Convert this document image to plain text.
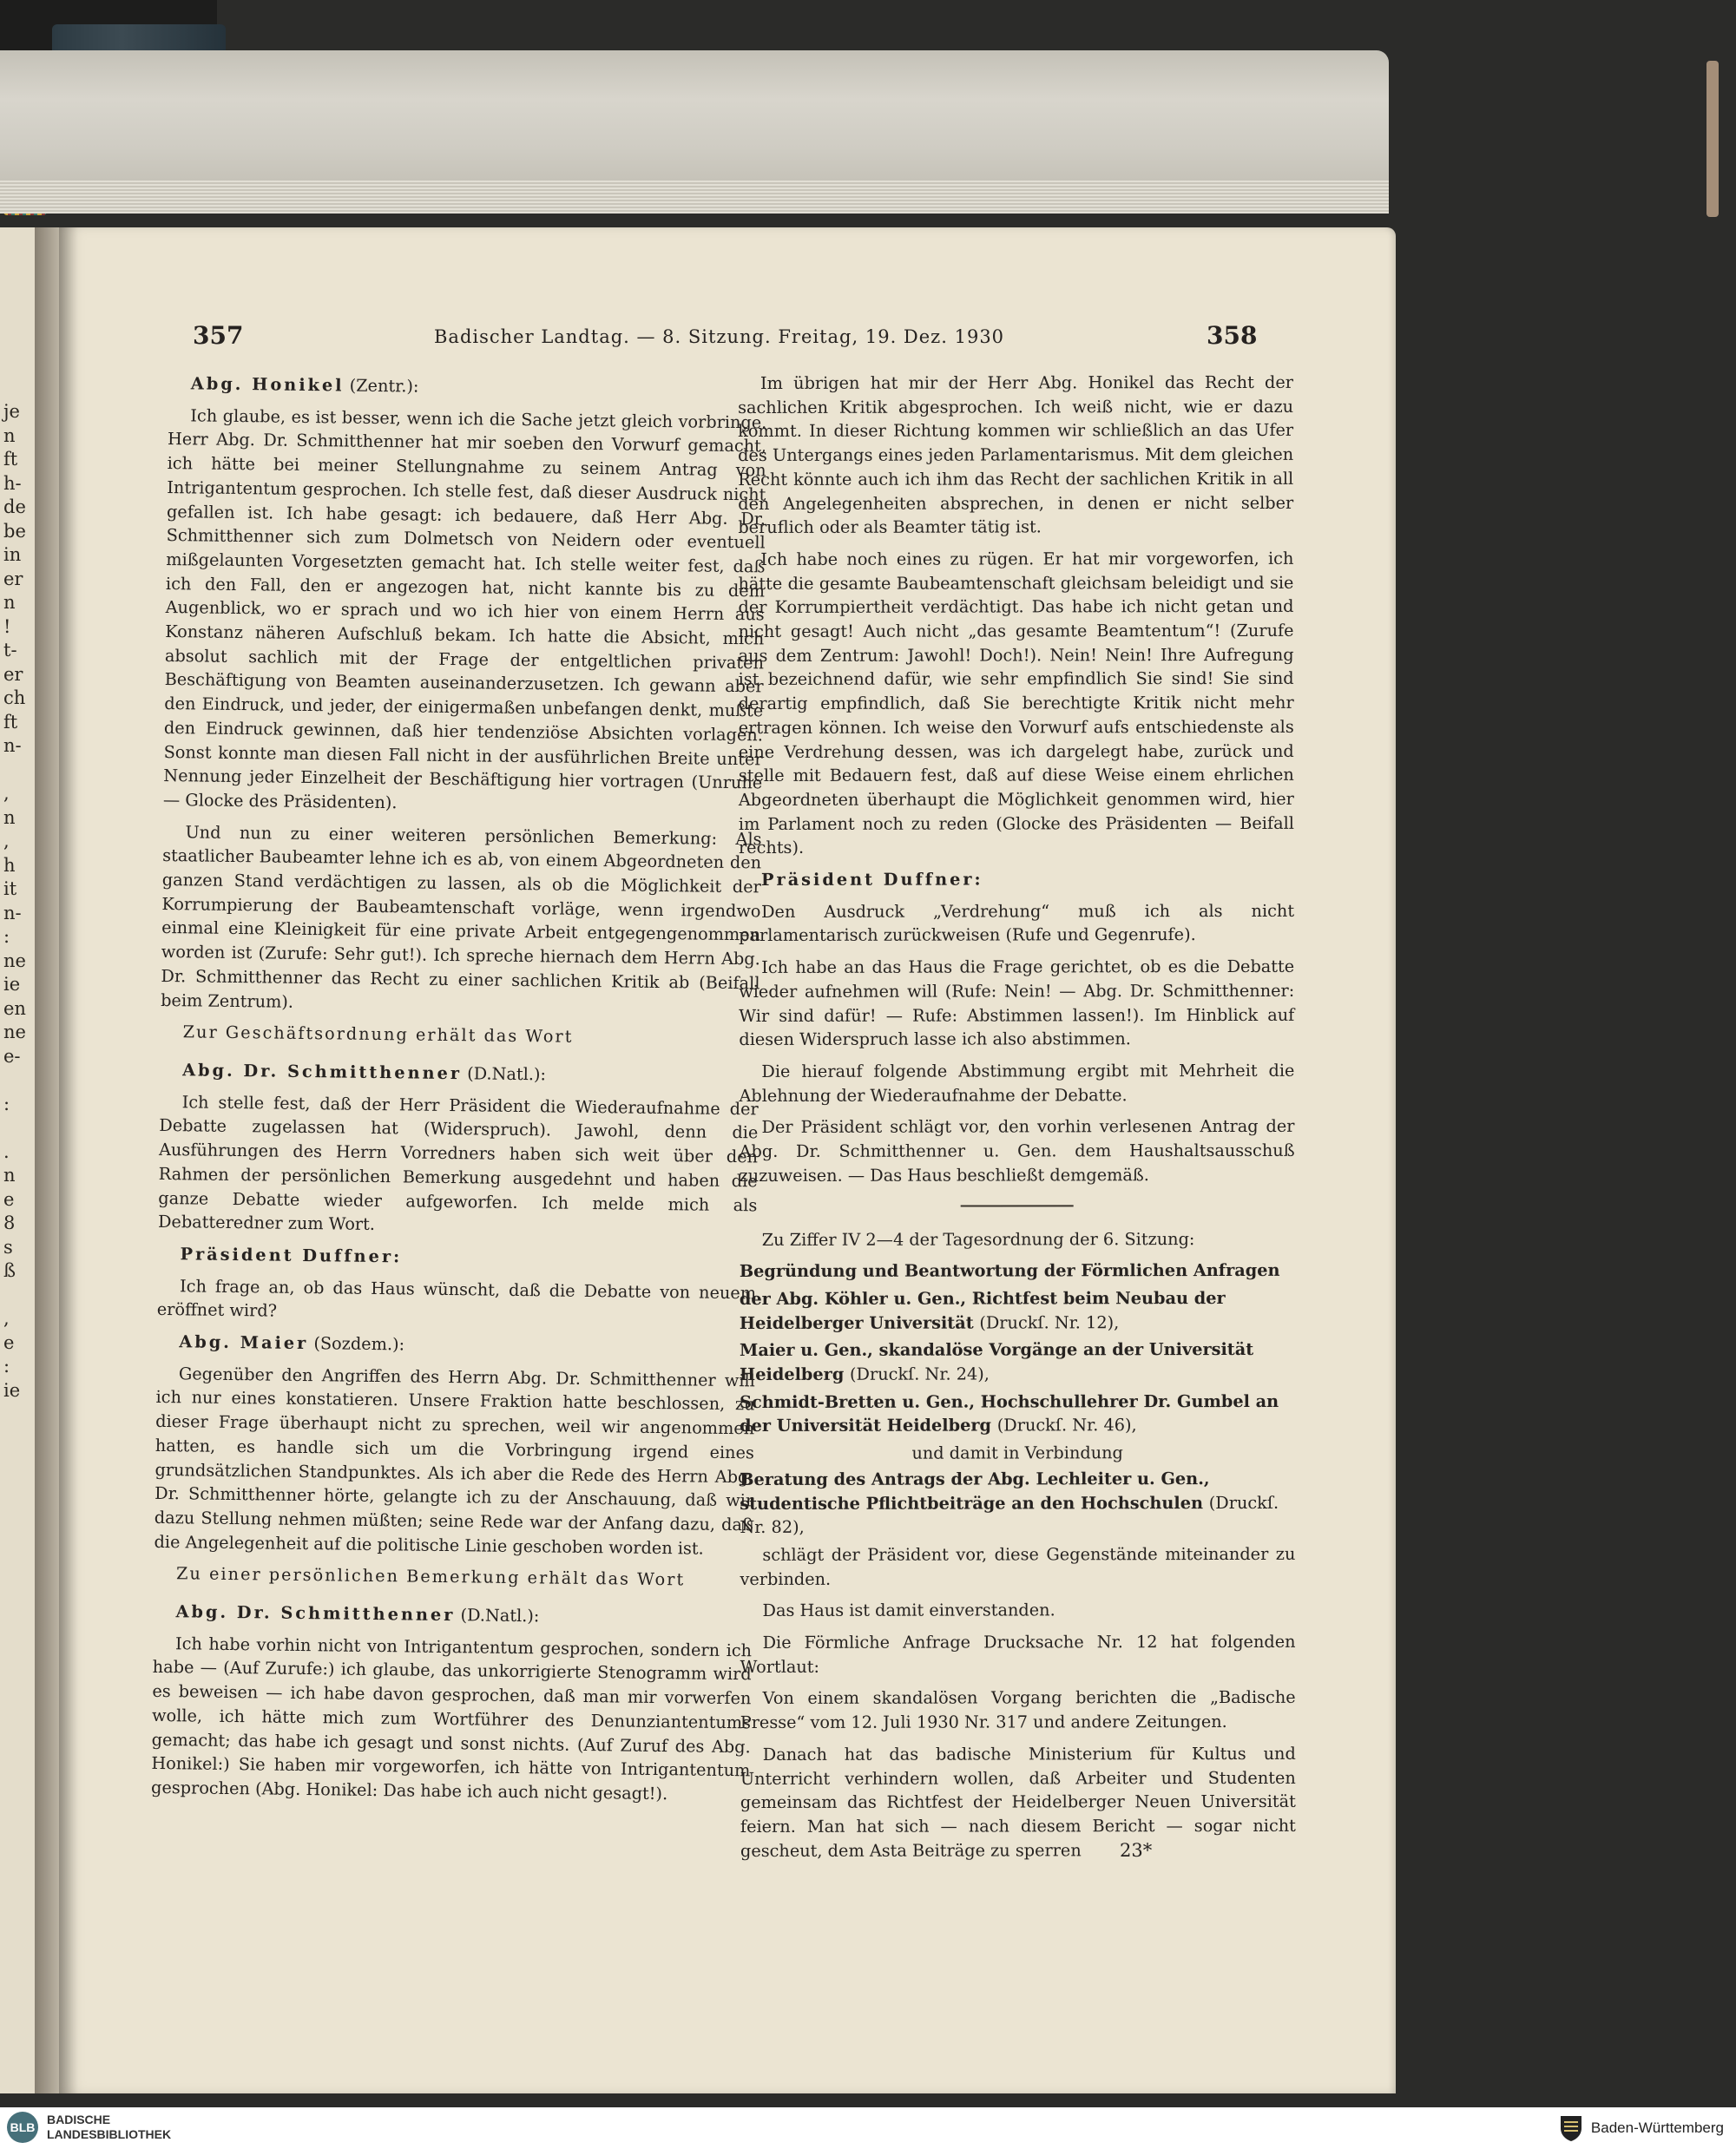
je
n
ft
h-
de
be
in
er
n
!
t-
er
ch
ft
n-
,
n
,
h
it
n-
:
ne
ie
en
ne
e-
:
.
n
e
8
s
ß
,
e
:
ie
357	Badischer Landtag. — 8. Sitzung. Freitag, 19. Dez. 1930	358
Abg. Honikel (Zentr.):

Ich glaube, es ist besser, wenn ich die Sache jetzt gleich vorbringe. Herr Abg. Dr. Schmitthenner hat mir soeben den Vorwurf gemacht, ich hätte bei meiner Stellungnahme zu seinem Antrag von Intrigantentum gesprochen. Ich stelle fest, daß dieser Ausdruck nicht gefallen ist. Ich habe gesagt: ich bedauere, daß Herr Abg. Dr. Schmitthenner sich zum Dolmetsch von Neidern oder eventuell mißgelaunten Vorgesetzten gemacht hat. Ich stelle weiter fest, daß ich den Fall, den er angezogen hat, nicht kannte bis zu dem Augenblick, wo er sprach und wo ich hier von einem Herrn aus Konstanz näheren Aufschluß bekam. Ich hatte die Absicht, mich absolut sachlich mit der Frage der entgeltlichen privaten Beschäftigung von Beamten auseinanderzusetzen. Ich gewann aber den Eindruck, und jeder, der einigermaßen unbefangen denkt, mußte den Eindruck gewinnen, daß hier tendenziöse Absichten vorlagen. Sonst konnte man diesen Fall nicht in der ausführlichen Breite unter Nennung jeder Einzelheit der Beschäftigung hier vortragen (Unruhe — Glocke des Präsidenten).

Und nun zu einer weiteren persönlichen Bemerkung: Als staatlicher Baubeamter lehne ich es ab, von einem Abgeordneten den ganzen Stand verdächtigen zu lassen, als ob die Möglichkeit der Korrumpierung der Baubeamtenschaft vorläge, wenn irgendwo einmal eine Kleinigkeit für eine private Arbeit entgegengenommen worden ist (Zurufe: Sehr gut!). Ich spreche hiernach dem Herrn Abg. Dr. Schmitthenner das Recht zu einer sachlichen Kritik ab (Beifall beim Zentrum).

Zur Geschäftsordnung erhält das Wort
Abg. Dr. Schmitthenner (D.Natl.):

Ich stelle fest, daß der Herr Präsident die Wiederaufnahme der Debatte zugelassen hat (Widerspruch). Jawohl, denn die Ausführungen des Herrn Vorredners haben sich weit über den Rahmen der persönlichen Bemerkung ausgedehnt und haben die ganze Debatte wieder aufgeworfen. Ich melde mich als Debatteredner zum Wort.

Präsident Duffner:

Ich frage an, ob das Haus wünscht, daß die Debatte von neuem eröffnet wird?

Abg. Maier (Sozdem.):

Gegenüber den Angriffen des Herrn Abg. Dr. Schmitthenner will ich nur eines konstatieren. Unsere Fraktion hatte beschlossen, zu dieser Frage überhaupt nicht zu sprechen, weil wir angenommen hatten, es handle sich um die Vorbringung irgend eines grundsätzlichen Standpunktes. Als ich aber die Rede des Herrn Abg. Dr. Schmitthenner hörte, gelangte ich zu der Anschauung, daß wir dazu Stellung nehmen müßten; seine Rede war der Anfang dazu, daß die Angelegenheit auf die politische Linie geschoben worden ist.

Zu einer persönlichen Bemerkung erhält das Wort
Abg. Dr. Schmitthenner (D.Natl.):

Ich habe vorhin nicht von Intrigantentum gesprochen, sondern ich habe — (Auf Zurufe:) ich glaube, das unkorrigierte Stenogramm wird es beweisen — ich habe davon gesprochen, daß man mir vorwerfen wolle, ich hätte mich zum Wortführer des Denunziantentums gemacht; das habe ich gesagt und sonst nichts. (Auf Zuruf des Abg. Honikel:) Sie haben mir vorgeworfen, ich hätte von Intrigantentum gesprochen (Abg. Honikel: Das habe ich auch nicht gesagt!).

Im übrigen hat mir der Herr Abg. Honikel das Recht der sachlichen Kritik abgesprochen. Ich weiß nicht, wie er dazu kommt. In dieser Richtung kommen wir schließlich an das Ufer des Untergangs eines jeden Parlamentarismus. Mit dem gleichen Recht könnte auch ich ihm das Recht der sachlichen Kritik in all den Angelegenheiten absprechen, in denen er nicht selber beruflich oder als Beamter tätig ist.

Ich habe noch eines zu rügen. Er hat mir vorgeworfen, ich hätte die gesamte Baubeamtenschaft gleichsam beleidigt und sie der Korrumpiertheit verdächtigt. Das habe ich nicht getan und nicht gesagt! Auch nicht „das gesamte Beamtentum“! (Zurufe aus dem Zentrum: Jawohl! Doch!). Nein! Nein! Ihre Aufregung ist bezeichnend dafür, wie sehr empfindlich Sie sind! Sie sind derartig empfindlich, daß Sie berechtigte Kritik nicht mehr ertragen können. Ich weise den Vorwurf aufs entschiedenste als eine Verdrehung dessen, was ich dargelegt habe, zurück und stelle mit Bedauern fest, daß auf diese Weise einem ehrlichen Abgeordneten überhaupt die Möglichkeit genommen wird, hier im Parlament noch zu reden (Glocke des Präsidenten — Beifall rechts).

Präsident Duffner:

Den Ausdruck „Verdrehung“ muß ich als nicht parlamentarisch zurückweisen (Rufe und Gegenrufe).

Ich habe an das Haus die Frage gerichtet, ob es die Debatte wieder aufnehmen will (Rufe: Nein! — Abg. Dr. Schmitthenner: Wir sind dafür! — Rufe: Abstimmen lassen!). Im Hinblick auf diesen Widerspruch lasse ich also abstimmen.

Die hierauf folgende Abstimmung ergibt mit Mehrheit die Ablehnung der Wiederaufnahme der Debatte.

Der Präsident schlägt vor, den vorhin verlesenen Antrag der Abg. Dr. Schmitthenner u. Gen. dem Haushaltsausschuß zuzuweisen. — Das Haus beschließt demgemäß.

Zu Ziffer IV 2—4 der Tagesordnung der 6. Sitzung:

Begründung und Beantwortung der Förmlichen Anfragen
der Abg. Köhler u. Gen., Richtfest beim Neubau der Heidelberger Universität (Druckſ. Nr. 12),
Maier u. Gen., skandalöse Vorgänge an der Universität Heidelberg (Druckſ. Nr. 24),
Schmidt-Bretten u. Gen., Hochschullehrer Dr. Gumbel an der Universität Heidelberg (Druckſ. Nr. 46),
und damit in Verbindung
Beratung des Antrags der Abg. Lechleiter u. Gen., studentische Pflichtbeiträge an den Hochschulen (Druckſ. Nr. 82),

schlägt der Präsident vor, diese Gegenstände miteinander zu verbinden.

Das Haus ist damit einverstanden.

Die Förmliche Anfrage Drucksache Nr. 12 hat folgenden Wortlaut:

Von einem skandalösen Vorgang berichten die „Badische Presse“ vom 12. Juli 1930 Nr. 317 und andere Zeitungen.

Danach hat das badische Ministerium für Kultus und Unterricht verhindern wollen, daß Arbeiter und Studenten gemeinsam das Richtfest der Heidelberger Neuen Universität feiern. Man hat sich — nach diesem Bericht — sogar nicht gescheut, dem Asta Beiträge zu sperren	23*
BLB
BADISCHE
LANDESBIBLIOTHEK	Baden-Württemberg
